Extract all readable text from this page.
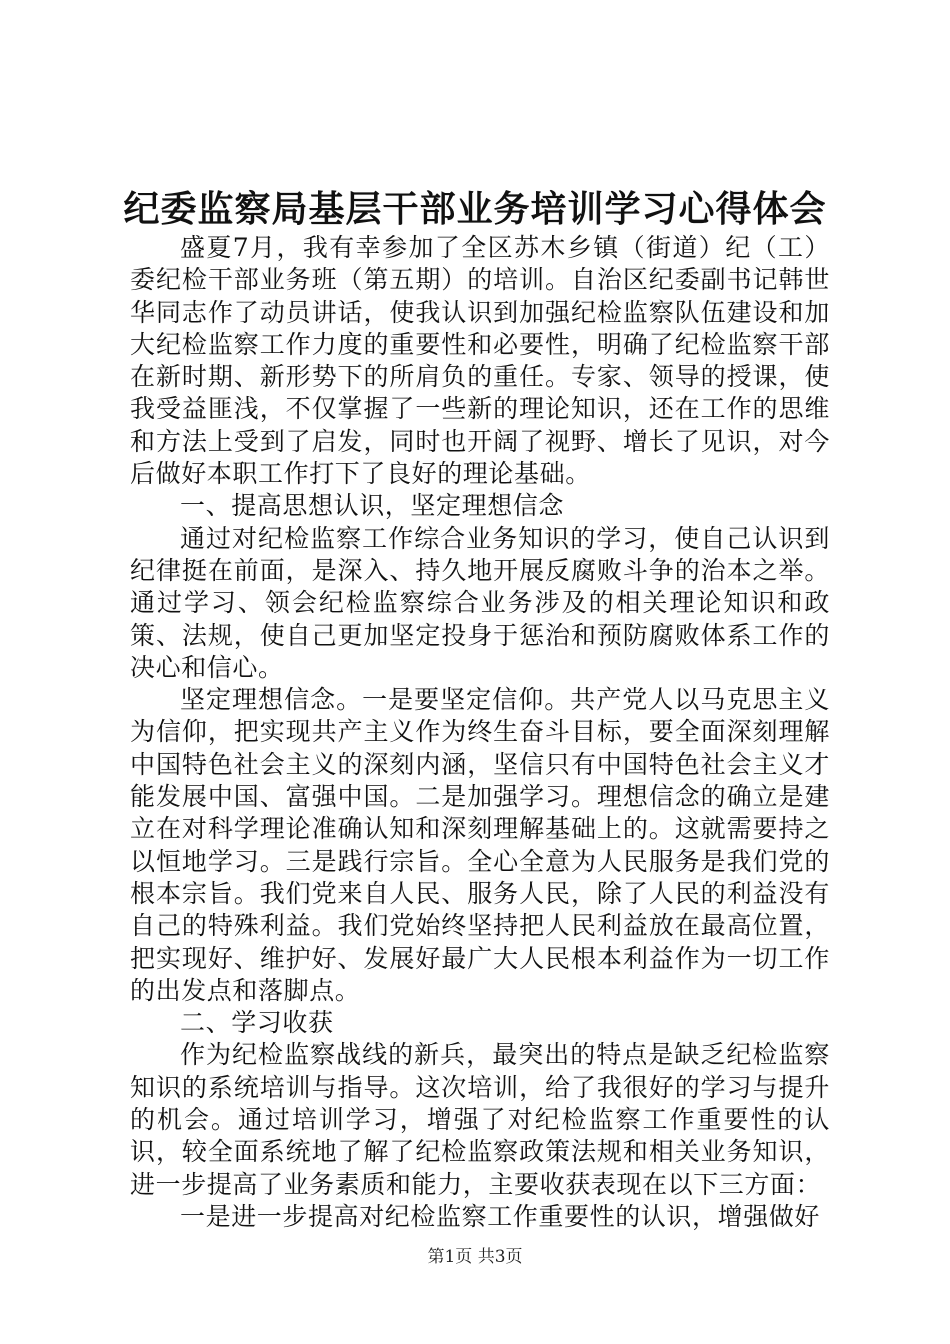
纪委监察局基层干部业务培训学习心得体会

盛夏7月，我有幸参加了全区苏木乡镇（街道）纪（工）委纪检干部业务班（第五期）的培训。自治区纪委副书记韩世华同志作了动员讲话，使我认识到加强纪检监察队伍建设和加大纪检监察工作力度的重要性和必要性，明确了纪检监察干部在新时期、新形势下的所肩负的重任。专家、领导的授课，使我受益匪浅，不仅掌握了一些新的理论知识，还在工作的思维和方法上受到了启发，同时也开阔了视野、增长了见识，对今后做好本职工作打下了良好的理论基础。

一、提高思想认识，坚定理想信念

通过对纪检监察工作综合业务知识的学习，使自己认识到纪律挺在前面，是深入、持久地开展反腐败斗争的治本之举。通过学习、领会纪检监察综合业务涉及的相关理论知识和政策、法规，使自己更加坚定投身于惩治和预防腐败体系工作的决心和信心。

坚定理想信念。一是要坚定信仰。共产党人以马克思主义为信仰，把实现共产主义作为终生奋斗目标，要全面深刻理解中国特色社会主义的深刻内涵，坚信只有中国特色社会主义才能发展中国、富强中国。二是加强学习。理想信念的确立是建立在对科学理论准确认知和深刻理解基础上的。这就需要持之以恒地学习。三是践行宗旨。全心全意为人民服务是我们党的根本宗旨。我们党来自人民、服务人民，除了人民的利益没有自己的特殊利益。我们党始终坚持把人民利益放在最高位置，把实现好、维护好、发展好最广大人民根本利益作为一切工作的出发点和落脚点。

二、学习收获

作为纪检监察战线的新兵，最突出的特点是缺乏纪检监察知识的系统培训与指导。这次培训，给了我很好的学习与提升的机会。通过培训学习，增强了对纪检监察工作重要性的认识，较全面系统地了解了纪检监察政策法规和相关业务知识，进一步提高了业务素质和能力，主要收获表现在以下三方面：

一是进一步提高对纪检监察工作重要性的认识，增强做好

第1页 共3页
